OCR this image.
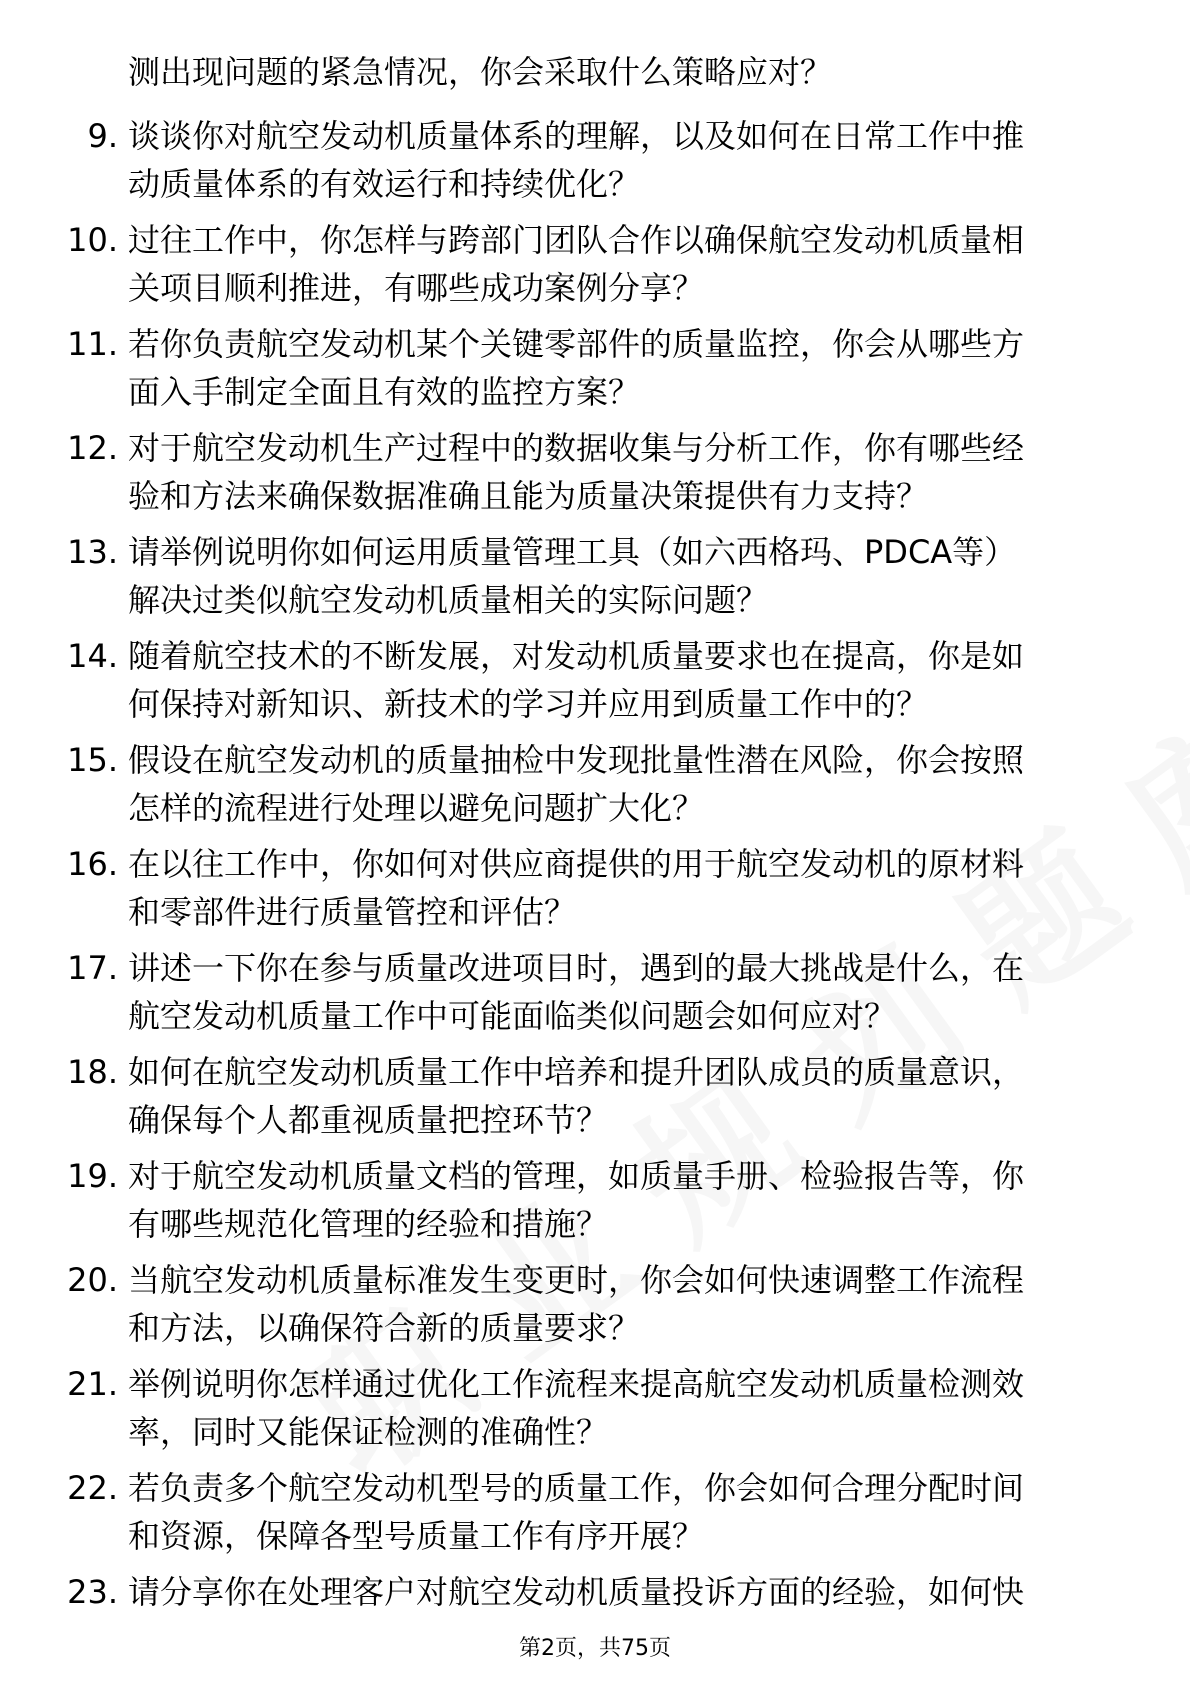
测出现问题的紧急情况，你会采取什么策略应对？
9. 谈谈你对航空发动机质量体系的理解，以及如何在日常工作中推
动质量体系的有效运行和持续优化？
10. 过往工作中，你怎样与跨部门团队合作以确保航空发动机质量相
关项目顺利推进，有哪些成功案例分享？
11. 若你负责航空发动机某个关键零部件的质量监控，你会从哪些方
面入手制定全面且有效的监控方案？
12. 对于航空发动机生产过程中的数据收集与分析工作，你有哪些经
验和方法来确保数据准确且能为质量决策提供有力支持？
13. 请举例说明你如何运用质量管理工具（如六西格玛、PDCA等）
解决过类似航空发动机质量相关的实际问题？
14. 随着航空技术的不断发展，对发动机质量要求也在提高，你是如
何保持对新知识、新技术的学习并应用到质量工作中的？
15. 假设在航空发动机的质量抽检中发现批量性潜在风险，你会按照
怎样的流程进行处理以避免问题扩大化？
16. 在以往工作中，你如何对供应商提供的用于航空发动机的原材料
和零部件进行质量管控和评估？
17. 讲述一下你在参与质量改进项目时，遇到的最大挑战是什么，在
航空发动机质量工作中可能面临类似问题会如何应对？
18. 如何在航空发动机质量工作中培养和提升团队成员的质量意识，
确保每个人都重视质量把控环节？
19. 对于航空发动机质量文档的管理，如质量手册、检验报告等，你
有哪些规范化管理的经验和措施？
20. 当航空发动机质量标准发生变更时，你会如何快速调整工作流程
和方法，以确保符合新的质量要求？
21. 举例说明你怎样通过优化工作流程来提高航空发动机质量检测效
率，同时又能保证检测的准确性？
22. 若负责多个航空发动机型号的质量工作，你会如何合理分配时间
和资源，保障各型号质量工作有序开展？
23. 请分享你在处理客户对航空发动机质量投诉方面的经验，如何快
第2页，共75页
